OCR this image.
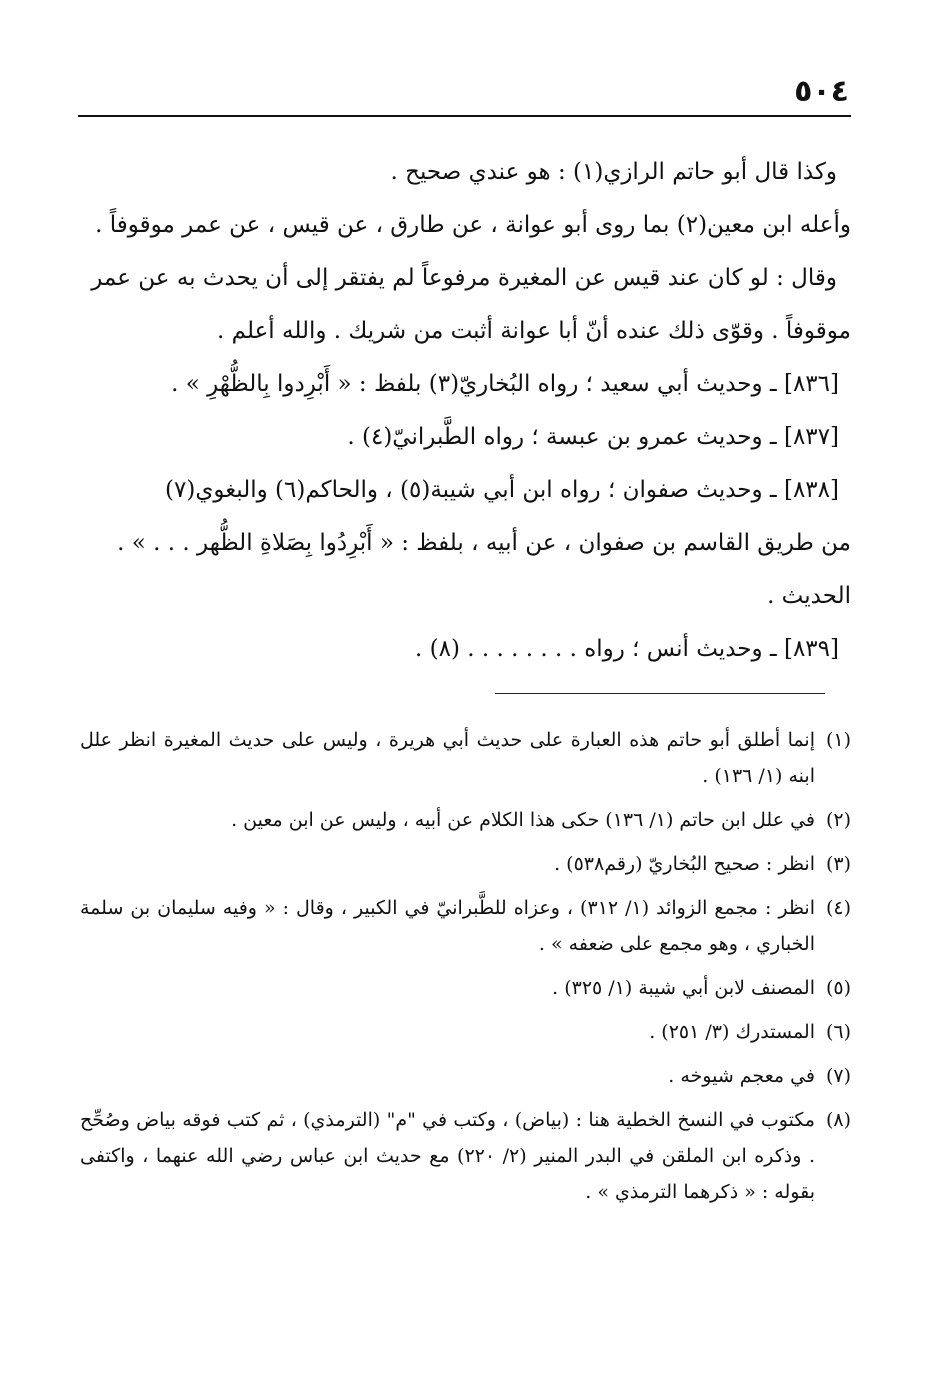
٥٠٤
وكذا قال أبو حاتم الرازي(١) : هو عندي صحيح .
وأعله ابن معين(٢) بما روى أبو عوانة ، عن طارق ، عن قيس ، عن عمر موقوفاً .
وقال : لو كان عند قيس عن المغيرة مرفوعاً لم يفتقر إلى أن يحدث به عن عمر
موقوفاً . وقوّى ذلك عنده أنّ أبا عوانة أثبت من شريك . والله أعلم .
[٨٣٦] ـ وحديث أبي سعيد ؛ رواه البُخاريّ(٣) بلفظ : « أَبْرِدوا بِالظُّهْرِ » .
[٨٣٧] ـ وحديث عمرو بن عبسة ؛ رواه الطَّبرانيّ(٤) .
[٨٣٨] ـ وحديث صفوان ؛ رواه ابن أبي شيبة(٥) ، والحاكم(٦) والبغوي(٧)
من طريق القاسم بن صفوان ، عن أبيه ، بلفظ : « أَبْرِدُوا بِصَلاةِ الظُّهر . . . » .
الحديث .
[٨٣٩] ـ وحديث أنس ؛ رواه . . . . . . . . (٨) .
(١)
إنما أطلق أبو حاتم هذه العبارة على حديث أبي هريرة ، وليس على حديث المغيرة انظر علل ابنه (١/ ١٣٦) .
(٢)
في علل ابن حاتم (١/ ١٣٦) حكى هذا الكلام عن أبيه ، وليس عن ابن معين .
(٣)
انظر : صحيح البُخاريّ (رقم٥٣٨) .
(٤)
انظر : مجمع الزوائد (١/ ٣١٢) ، وعزاه للطَّبرانيّ في الكبير ، وقال : « وفيه سليمان بن سلمة الخباري ، وهو مجمع على ضعفه » .
(٥)
المصنف لابن أبي شيبة (١/ ٣٢٥) .
(٦)
المستدرك (٣/ ٢٥١) .
(٧)
في معجم شيوخه .
(٨)
مكتوب في النسخ الخطية هنا : (بياض) ، وكتب في "م" (الترمذي) ، ثم كتب فوقه بياض وصُحِّح . وذكره ابن الملقن في البدر المنير (٢/ ٢٢٠) مع حديث ابن عباس رضي الله عنهما ، واكتفى بقوله : « ذكرهما الترمذي » .
